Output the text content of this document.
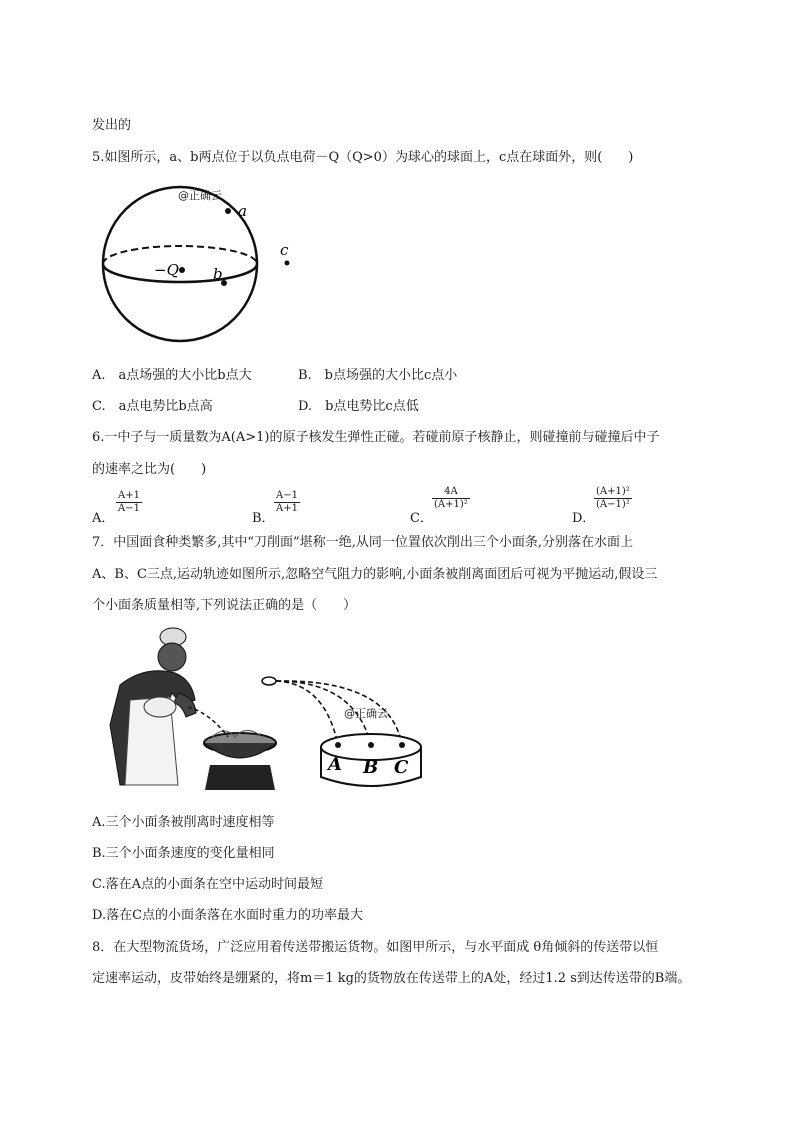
发出的
5.如图所示，a、b两点位于以负点电荷－Q（Q>0）为球心的球面上，c点在球面外，则(　　)
a
c
−Q b
@正确云
A.　a点场强的大小比b点大	B.　b点场强的大小比c点小
C.　a点电势比b点高	D.　b点电势比c点低
6.一中子与一质量数为A(A>1)的原子核发生弹性正碰。若碰前原子核静止，则碰撞前与碰撞后中子
的速率之比为(　　)
A．
$\frac{A+1}{A-1}$
B．
$\frac{A-1}{A+1}$
C．
$\frac{4A}{\text{(A+1)²}}$
D．
$\frac{\text{(A+1)²}}{\text{(A−1)²}}$
7．中国面食种类繁多,其中“刀削面”堪称一绝,从同一位置依次削出三个小面条,分别落在水面上
A、B、C三点,运动轨迹如图所示,忽略空气阻力的影响,小面条被削离面团后可视为平抛运动,假设三
个小面条质量相等,下列说法正确的是（　　）
A B C
@正确云
A.三个小面条被削离时速度相等
B.三个小面条速度的变化量相同
C.落在A点的小面条在空中运动时间最短
D.落在C点的小面条落在水面时重力的功率最大
8．在大型物流货场，广泛应用着传送带搬运货物。如图甲所示，与水平面成 θ角倾斜的传送带以恒
定速率运动，皮带始终是绷紧的，将m＝1 kg的货物放在传送带上的A处，经过1.2 s到达传送带的B端。
